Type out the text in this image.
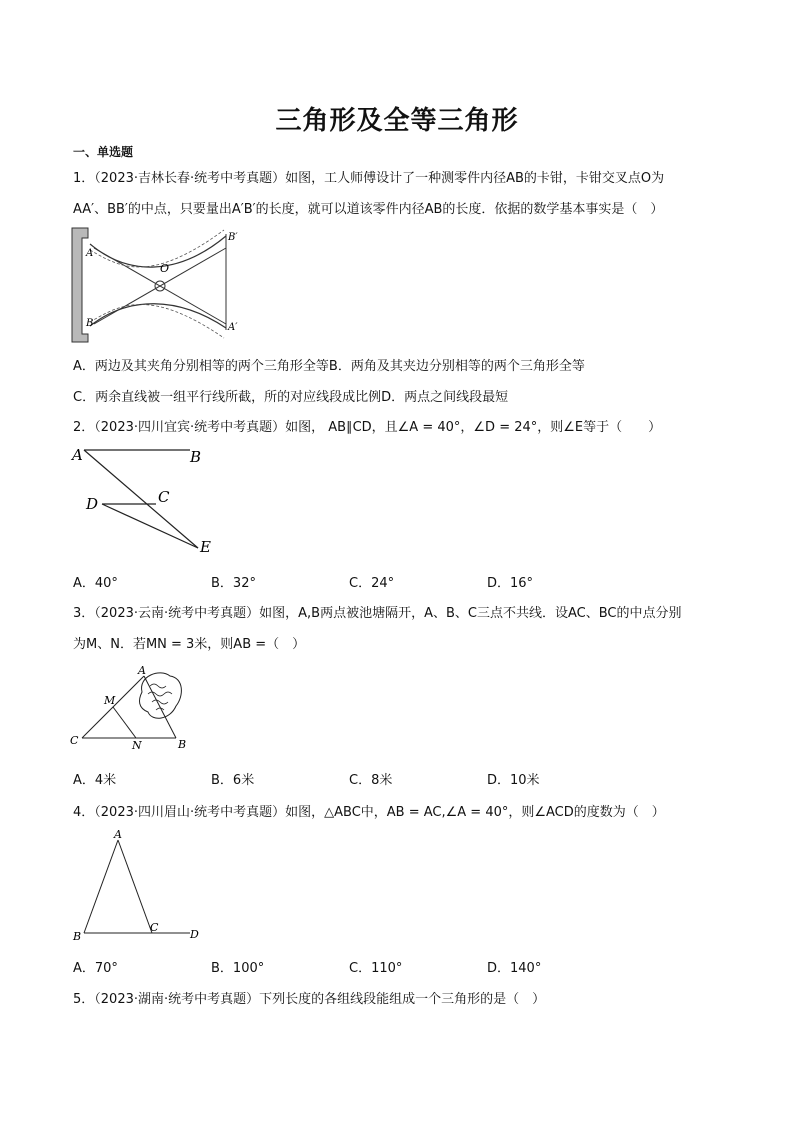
三角形及全等三角形
一、单选题
1．（2023·吉林长春·统考中考真题）如图，工人师傅设计了一种测零件内径AB的卡钳，卡钳交叉点O为
AA′、BB′的中点，只要量出A′B′的长度，就可以道该零件内径AB的长度．依据的数学基本事实是（　）
A
B
O
B′
A′
A．两边及其夹角分别相等的两个三角形全等B．两角及其夹边分别相等的两个三角形全等
C．两余直线被一组平行线所截，所的对应线段成比例D．两点之间线段最短
2．（2023·四川宜宾·统考中考真题）如图， AB∥CD，且∠A = 40°，∠D = 24°，则∠E等于（　　）
A	B
C
D
E
A．40°	B．32°	C．24°	D．16°
3．（2023·云南·统考中考真题）如图，A,B两点被池塘隔开，A、B、C三点不共线．设AC、BC的中点分别
为M、N．若MN = 3米，则AB =（　）
C	B
A
M
N
A．4米	B．6米	C．8米	D．10米
4．（2023·四川眉山·统考中考真题）如图，△ABC中，AB = AC,∠A = 40°，则∠ACD的度数为（　）
A
B
C
D
A．70°	B．100°	C．110°	D．140°
5．（2023·湖南·统考中考真题）下列长度的各组线段能组成一个三角形的是（　）
